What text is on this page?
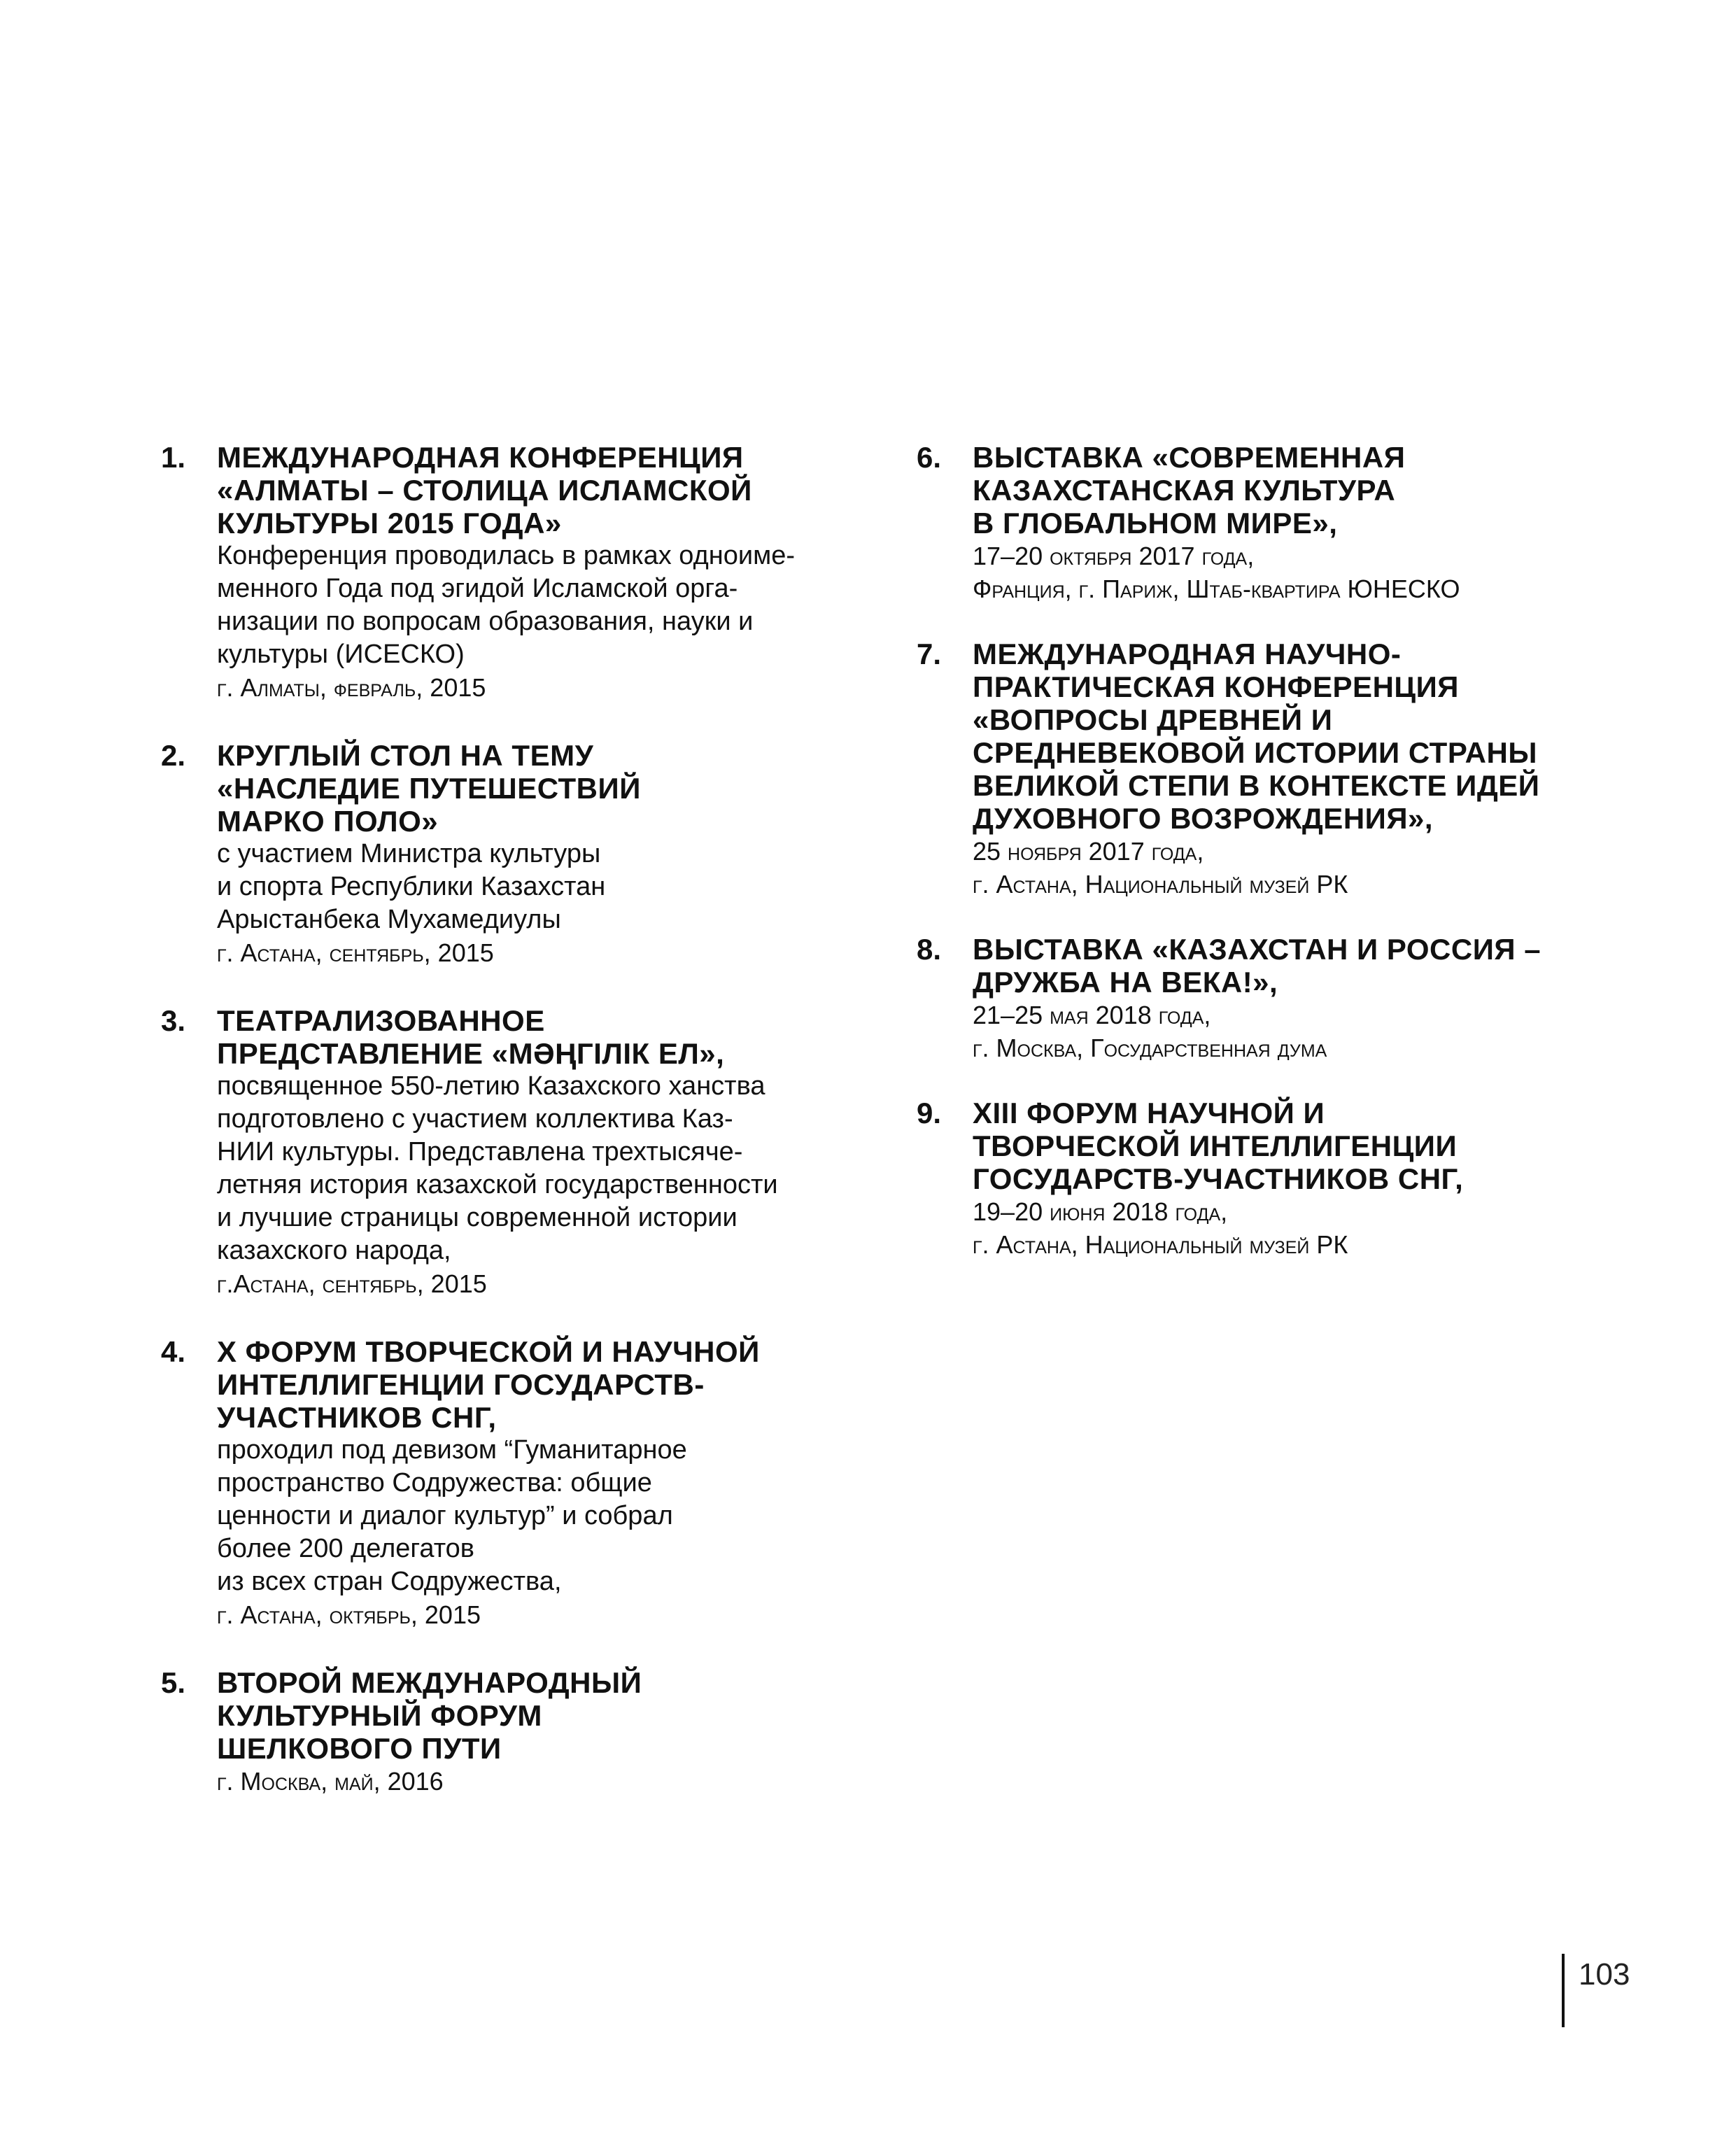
1. МЕЖДУНАРОДНАЯ КОНФЕРЕНЦИЯ
«АЛМАТЫ – СТОЛИЦА ИСЛАМСКОЙ
КУЛЬТУРЫ 2015 ГОДА»
Конференция проводилась в рамках одноиме-
менного Года под эгидой Исламской орга-
низации по вопросам образования, науки и
культуры (ИСЕСКО)
г. Алматы, февраль, 2015
2. КРУГЛЫЙ СТОЛ НА ТЕМУ
«НАСЛЕДИЕ ПУТЕШЕСТВИЙ
МАРКО ПОЛО»
с участием Министра культуры
и спорта Республики Казахстан
Арыстанбека Мухамедиулы
г. Астана, сентябрь, 2015
3. ТЕАТРАЛИЗОВАННОЕ
ПРЕДСТАВЛЕНИЕ «МӘҢГІЛІК ЕЛ»,
посвященное 550-летию Казахского ханства
подготовлено с участием коллектива Каз-
НИИ культуры. Представлена трехтысяче-
летняя история казахской государственности
и лучшие страницы современной истории
казахского народа,
г.Астана, сентябрь, 2015
4. X ФОРУМ ТВОРЧЕСКОЙ И НАУЧНОЙ
ИНТЕЛЛИГЕНЦИИ ГОСУДАРСТВ-
УЧАСТНИКОВ СНГ,
проходил под девизом “Гуманитарное
пространство Содружества: общие
ценности и диалог культур” и собрал
более 200 делегатов
из всех стран Содружества,
г. Астана, октябрь, 2015
5. ВТОРОЙ МЕЖДУНАРОДНЫЙ
КУЛЬТУРНЫЙ ФОРУМ
ШЕЛКОВОГО ПУТИ
г. Москва, май, 2016
6. ВЫСТАВКА «СОВРЕМЕННАЯ
КАЗАХСТАНСКАЯ КУЛЬТУРА
В ГЛОБАЛЬНОМ МИРЕ»,
17–20 октября 2017 года,
Франция, г. Париж, Штаб-квартира ЮНЕСКО
7. МЕЖДУНАРОДНАЯ НАУЧНО-
ПРАКТИЧЕСКАЯ КОНФЕРЕНЦИЯ
«ВОПРОСЫ ДРЕВНЕЙ И
СРЕДНЕВЕКОВОЙ ИСТОРИИ СТРАНЫ
ВЕЛИКОЙ СТЕПИ В КОНТЕКСТЕ ИДЕЙ
ДУХОВНОГО ВОЗРОЖДЕНИЯ»,
25 ноября 2017 года,
г. Астана, Национальный музей РК
8. ВЫСТАВКА «КАЗАХСТАН И РОССИЯ –
ДРУЖБА НА ВЕКА!»,
21–25 мая 2018 года,
г. Москва, Государственная дума
9. XIII ФОРУМ НАУЧНОЙ И
ТВОРЧЕСКОЙ ИНТЕЛЛИГЕНЦИИ
ГОСУДАРСТВ-УЧАСТНИКОВ СНГ,
19–20 июня 2018 года,
г. Астана, Национальный музей РК
103
